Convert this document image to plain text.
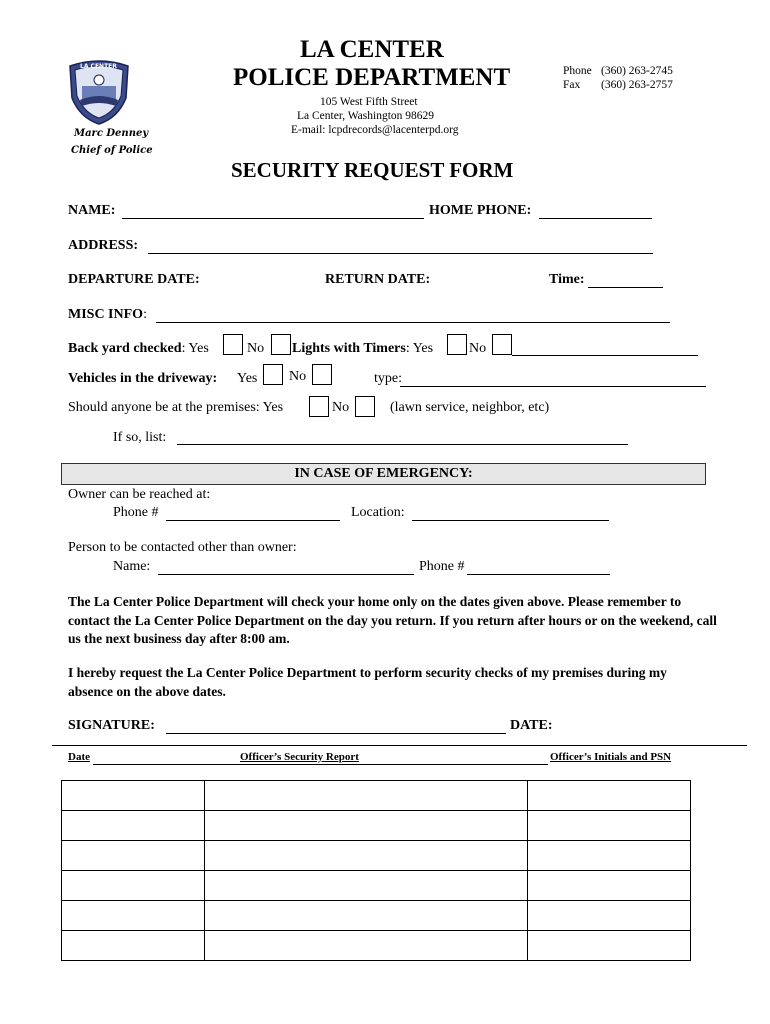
LA CENTER
Marc Denney
Chief of Police
LA CENTER
POLICE DEPARTMENT
105 West Fifth Street
La Center, Washington 98629
E-mail: lcpdrecords@lacenterpd.org
Phone (360) 263-2745
Fax (360) 263-2757
SECURITY REQUEST FORM
NAME:	HOME PHONE:
ADDRESS:
DEPARTURE DATE:	RETURN DATE:	Time:
MISC INFO:
Back yard checked: Yes	No Lights with Timers: Yes	No
Vehicles in the driveway: Yes No	type:
Should anyone be at the premises: Yes	No	(lawn service, neighbor, etc)
If so, list:
IN CASE OF EMERGENCY:
Owner can be reached at:
Phone #	Location:
Person to be contacted other than owner:
Name:	Phone #
The La Center Police Department will check your home only on the dates given above. Please remember to contact the La Center Police Department on the day you return. If you return after hours or on the weekend, call us the next business day after 8:00 am.
I hereby request the La Center Police Department to perform security checks of my premises during my absence on the above dates.
SIGNATURE:	DATE:
Date	Officer’s Security Report	Officer’s Initials and PSN
